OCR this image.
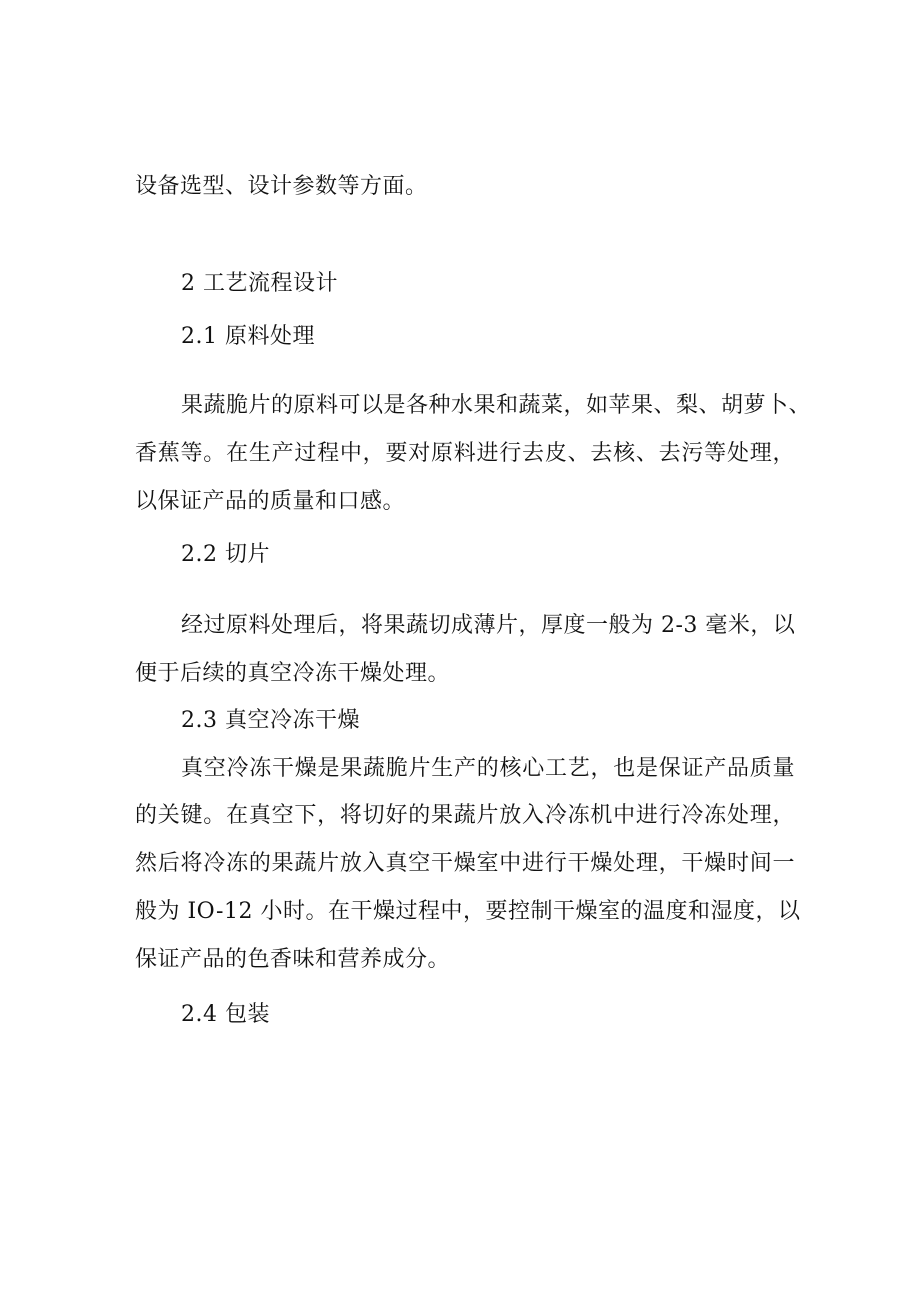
设备选型、设计参数等方面。
2 工艺流程设计
2.1 原料处理
果蔬脆片的原料可以是各种水果和蔬菜，如苹果、梨、胡萝卜、
香蕉等。在生产过程中，要对原料进行去皮、去核、去污等处理，
以保证产品的质量和口感。
2.2 切片
经过原料处理后，将果蔬切成薄片，厚度一般为 2-3 毫米，以
便于后续的真空冷冻干燥处理。
2.3 真空冷冻干燥
真空冷冻干燥是果蔬脆片生产的核心工艺，也是保证产品质量
的关键。在真空下，将切好的果蔬片放入冷冻机中进行冷冻处理，
然后将冷冻的果蔬片放入真空干燥室中进行干燥处理，干燥时间一
般为 IO-12 小时。在干燥过程中，要控制干燥室的温度和湿度，以
保证产品的色香味和营养成分。
2.4 包装
